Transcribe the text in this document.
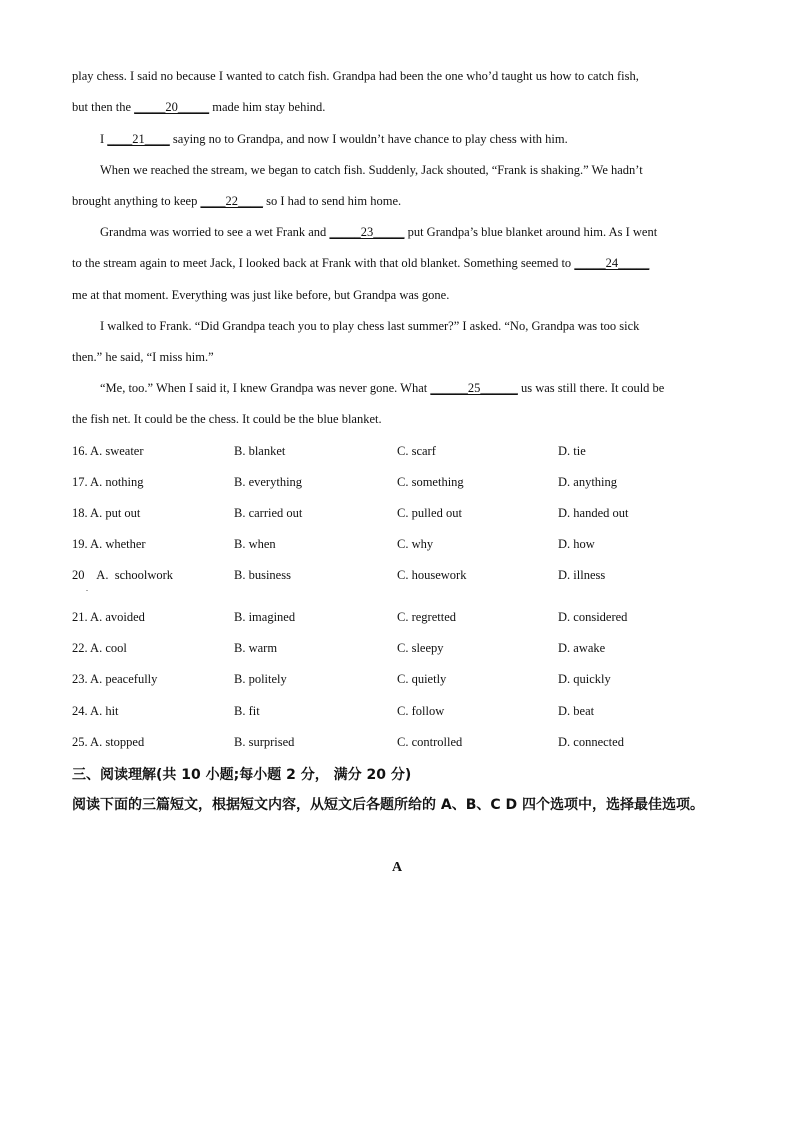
play chess. I said no because I wanted to catch fish. Grandpa had been the one who’d taught us how to catch fish,
but then the _____20_____ made him stay behind.
I ____21____ saying no to Grandpa, and now I wouldn’t have chance to play chess with him.
When we reached the stream, we began to catch fish. Suddenly, Jack shouted, “Frank is shaking.” We hadn’t
brought anything to keep ____22____ so I had to send him home.
Grandma was worried to see a wet Frank and _____23_____ put Grandpa’s blue blanket around him. As I went
to the stream again to meet Jack, I looked back at Frank with that old blanket. Something seemed to _____24_____
me at that moment. Everything was just like before, but Grandpa was gone.
I walked to Frank. “Did Grandpa teach you to play chess last summer?” I asked. “No, Grandpa was too sick
then.” he said, “I miss him.”
“Me, too.” When I said it, I knew Grandpa was never gone. What ______25______ us was still there. It could be
the fish net. It could be the chess. It could be the blue blanket.
16. A. sweater	B. blanket	C. scarf	D. tie
17. A. nothing	B. everything	C. something	D. anything
18. A. put out	B. carried out	C. pulled out	D. handed out
19. A. whether	B. when	C. why	D. how
20    A.  schoolwork	B. business	C. housework	D. illness
.
21. A. avoided	B. imagined	C. regretted	D. considered
22. A. cool	B. warm	C. sleepy	D. awake
23. A. peacefully	B. politely	C. quietly	D. quickly
24. A. hit	B. fit	C. follow	D. beat
25. A. stopped	B. surprised	C. controlled	D. connected
三、阅读理解(共 10 小题;每小题 2 分， 满分 20 分)
阅读下面的三篇短文，根据短文内容，从短文后各题所给的 A、B、C D 四个选项中，选择最佳选项。
A
